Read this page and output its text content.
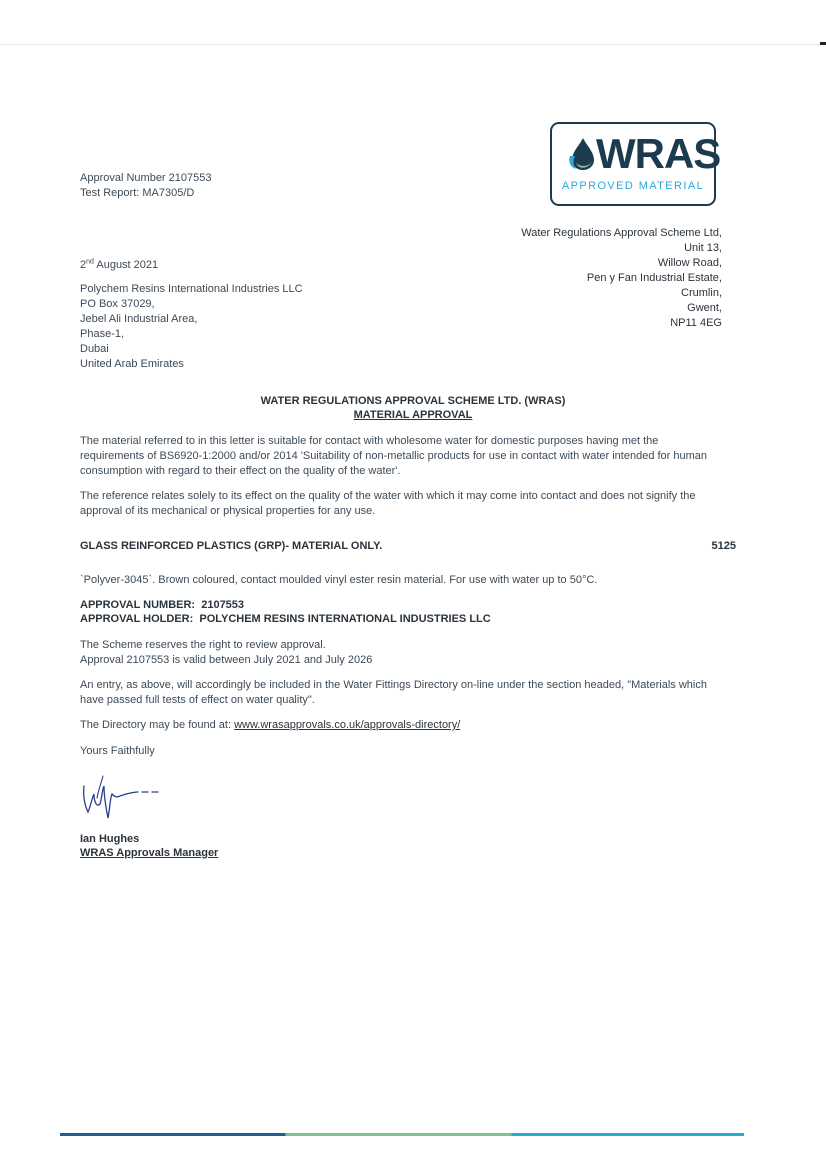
WRAS
APPROVED MATERIAL
Approval Number 2107553
Test Report: MA7305/D
Water Regulations Approval Scheme Ltd,
Unit 13,
Willow Road,
Pen y Fan Industrial Estate,
Crumlin,
Gwent,
NP11 4EG
2nd August 2021
Polychem Resins International Industries LLC
PO Box 37029,
Jebel Ali Industrial Area,
Phase-1,
Dubai
United Arab Emirates
WATER REGULATIONS APPROVAL SCHEME LTD. (WRAS)
MATERIAL APPROVAL
The material referred to in this letter is suitable for contact with wholesome water for domestic purposes having met the
requirements of BS6920-1:2000 and/or 2014 'Suitability of non-metallic products for use in contact with water intended for human
consumption with regard to their effect on the quality of the water'.
The reference relates solely to its effect on the quality of the water with which it may come into contact and does not signify the
approval of its mechanical or physical properties for any use.
GLASS REINFORCED PLASTICS (GRP)- MATERIAL ONLY.	5125
`Polyver-3045`. Brown coloured, contact moulded vinyl ester resin material. For use with water up to 50°C.
APPROVAL NUMBER:  2107553
APPROVAL HOLDER:  POLYCHEM RESINS INTERNATIONAL INDUSTRIES LLC
The Scheme reserves the right to review approval.
Approval 2107553 is valid between July 2021 and July 2026
An entry, as above, will accordingly be included in the Water Fittings Directory on-line under the section headed, "Materials which
have passed full tests of effect on water quality".
The Directory may be found at: www.wrasapprovals.co.uk/approvals-directory/
Yours Faithfully
Ian Hughes
WRAS Approvals Manager
